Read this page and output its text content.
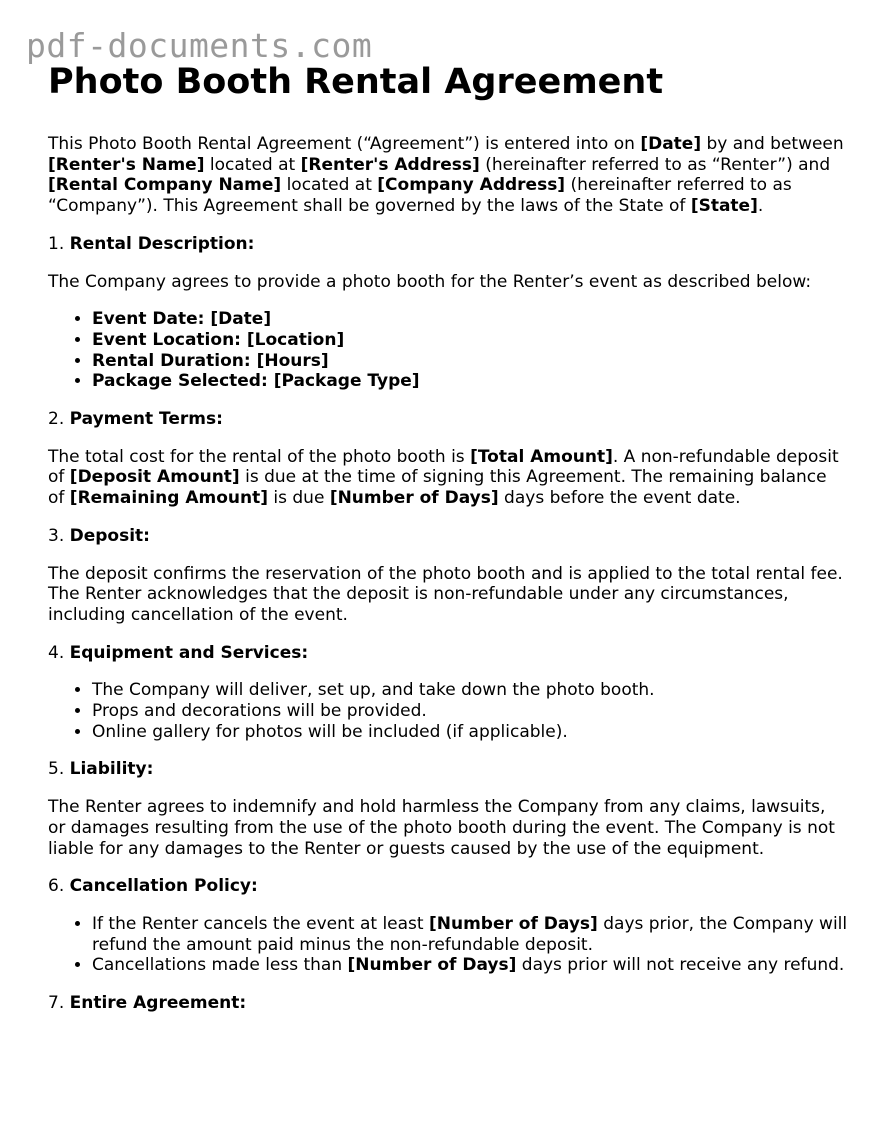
pdf-documents.com
Photo Booth Rental Agreement

This Photo Booth Rental Agreement (“Agreement”) is entered into on [Date] by and between [Renter's Name] located at [Renter's Address] (hereinafter referred to as “Renter”) and [Rental Company Name] located at [Company Address] (hereinafter referred to as “Company”). This Agreement shall be governed by the laws of the State of [State].

1. Rental Description:

The Company agrees to provide a photo booth for the Renter’s event as described below:

• Event Date: [Date]
• Event Location: [Location]
• Rental Duration: [Hours]
• Package Selected: [Package Type]
2. Payment Terms:

The total cost for the rental of the photo booth is [Total Amount]. A non-refundable deposit of [Deposit Amount] is due at the time of signing this Agreement. The remaining balance of [Remaining Amount] is due [Number of Days] days before the event date.

3. Deposit:

The deposit confirms the reservation of the photo booth and is applied to the total rental fee. The Renter acknowledges that the deposit is non-refundable under any circumstances, including cancellation of the event.

4. Equipment and Services:
• The Company will deliver, set up, and take down the photo booth.
• Props and decorations will be provided.
• Online gallery for photos will be included (if applicable).
5. Liability:

The Renter agrees to indemnify and hold harmless the Company from any claims, lawsuits, or damages resulting from the use of the photo booth during the event. The Company is not liable for any damages to the Renter or guests caused by the use of the equipment.

6. Cancellation Policy:
• If the Renter cancels the event at least [Number of Days] days prior, the Company will refund the amount paid minus the non-refundable deposit.
• Cancellations made less than [Number of Days] days prior will not receive any refund.
7. Entire Agreement:
